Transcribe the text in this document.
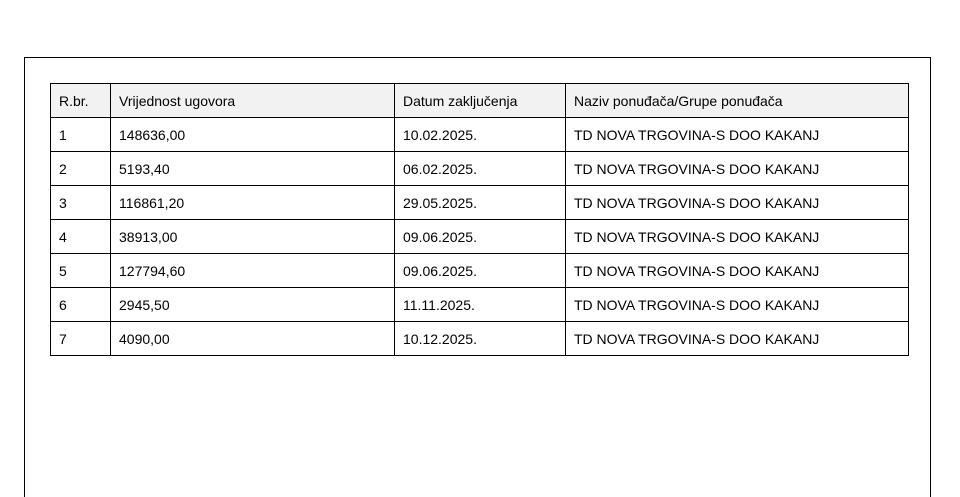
R.br.	Vrijednost ugovora	Datum zaključenja	Naziv ponuđača/Grupe ponuđača
1	148636,00	10.02.2025.	TD NOVA TRGOVINA-S DOO KAKANJ
2	5193,40	06.02.2025.	TD NOVA TRGOVINA-S DOO KAKANJ
3	116861,20	29.05.2025.	TD NOVA TRGOVINA-S DOO KAKANJ
4	38913,00	09.06.2025.	TD NOVA TRGOVINA-S DOO KAKANJ
5	127794,60	09.06.2025.	TD NOVA TRGOVINA-S DOO KAKANJ
6	2945,50	11.11.2025.	TD NOVA TRGOVINA-S DOO KAKANJ
7	4090,00	10.12.2025.	TD NOVA TRGOVINA-S DOO KAKANJ
